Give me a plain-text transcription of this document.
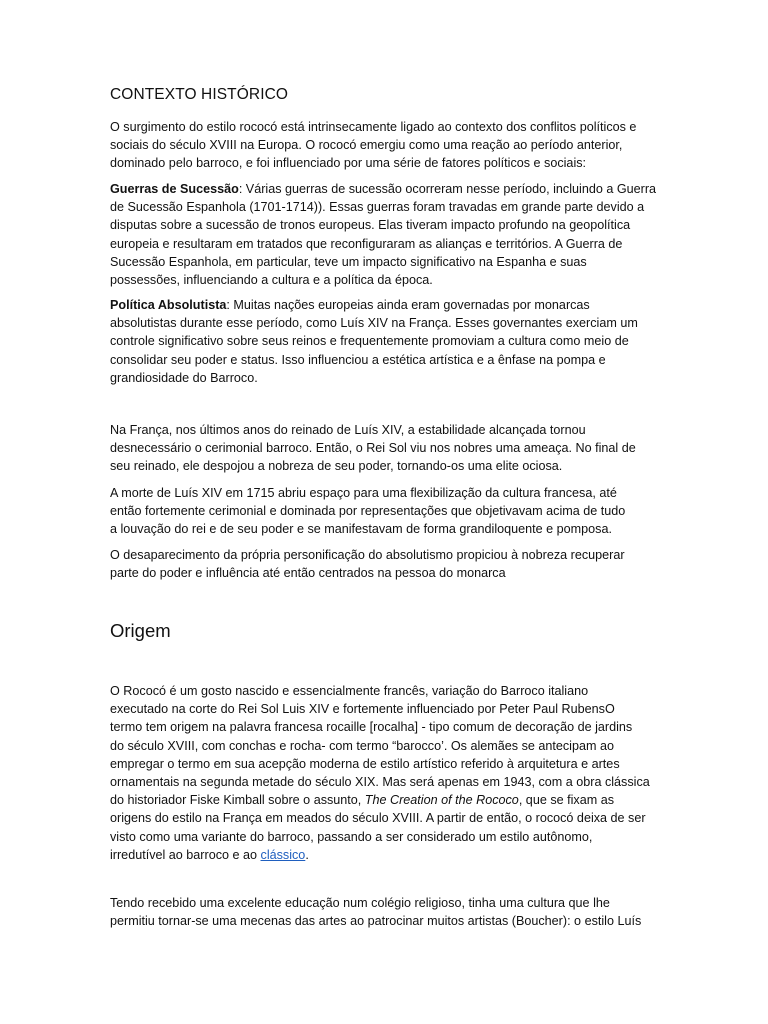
CONTEXTO HISTÓRICO

O surgimento do estilo rococó está intrinsecamente ligado ao contexto dos conflitos políticos e
sociais do século XVIII na Europa. O rococó emergiu como uma reação ao período anterior,
dominado pelo barroco, e foi influenciado por uma série de fatores políticos e sociais:

Guerras de Sucessão: Várias guerras de sucessão ocorreram nesse período, incluindo a Guerra
de Sucessão Espanhola (1701-1714)). Essas guerras foram travadas em grande parte devido a
disputas sobre a sucessão de tronos europeus. Elas tiveram impacto profundo na geopolítica
europeia e resultaram em tratados que reconfiguraram as alianças e territórios. A Guerra de
Sucessão Espanhola, em particular, teve um impacto significativo na Espanha e suas
possessões, influenciando a cultura e a política da época.

Política Absolutista: Muitas nações europeias ainda eram governadas por monarcas
absolutistas durante esse período, como Luís XIV na França. Esses governantes exerciam um
controle significativo sobre seus reinos e frequentemente promoviam a cultura como meio de
consolidar seu poder e status. Isso influenciou a estética artística e a ênfase na pompa e
grandiosidade do Barroco.

Na França, nos últimos anos do reinado de Luís XIV, a estabilidade alcançada tornou
desnecessário o cerimonial barroco. Então, o Rei Sol viu nos nobres uma ameaça. No final de
seu reinado, ele despojou a nobreza de seu poder, tornando-os uma elite ociosa.

A morte de Luís XIV em 1715 abriu espaço para uma flexibilização da cultura francesa, até
então fortemente cerimonial e dominada por representações que objetivavam acima de tudo
a louvação do rei e de seu poder e se manifestavam de forma grandiloquente e pomposa.

O desaparecimento da própria personificação do absolutismo propiciou à nobreza recuperar
parte do poder e influência até então centrados na pessoa do monarca

Origem

O Rococó é um gosto nascido e essencialmente francês, variação do Barroco italiano
executado na corte do Rei Sol Luis XIV e fortemente influenciado por Peter Paul RubensO
termo tem origem na palavra francesa rocaille [rocalha] - tipo comum de decoração de jardins
do século XVIII, com conchas e rocha- com termo “barocco’. Os alemães se antecipam ao
empregar o termo em sua acepção moderna de estilo artístico referido à arquitetura e artes
ornamentais na segunda metade do século XIX. Mas será apenas em 1943, com a obra clássica
do historiador Fiske Kimball sobre o assunto, The Creation of the Rococo, que se fixam as
origens do estilo na França em meados do século XVIII. A partir de então, o rococó deixa de ser
visto como uma variante do barroco, passando a ser considerado um estilo autônomo,
irredutível ao barroco e ao clássico.

Tendo recebido uma excelente educação num colégio religioso, tinha uma cultura que lhe
permitiu tornar-se uma mecenas das artes ao patrocinar muitos artistas (Boucher): o estilo Luís
